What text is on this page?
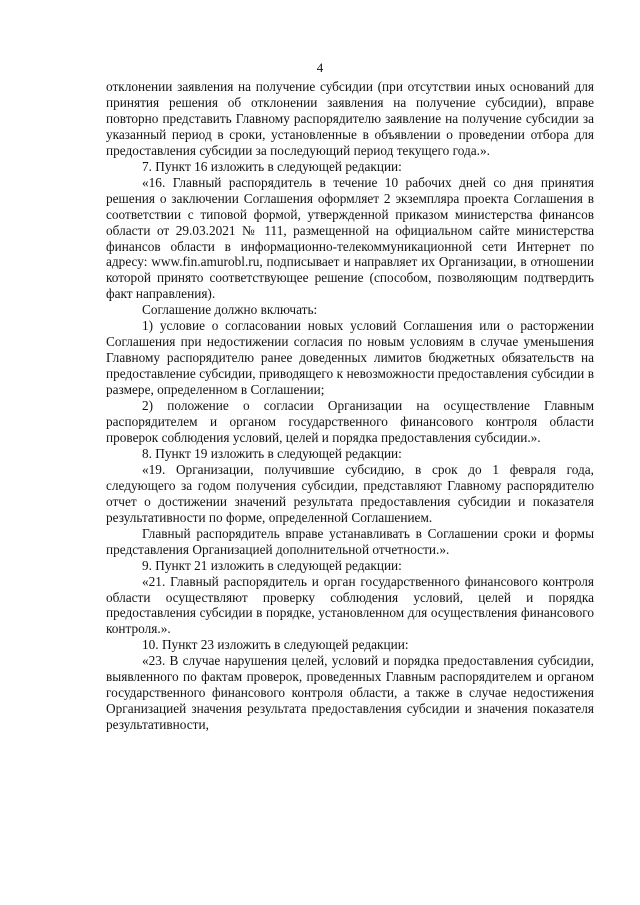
4

отклонении заявления на получение субсидии (при отсутствии иных оснований для принятия решения об отклонении заявления на получение субсидии), вправе повторно представить Главному распорядителю заявление на получение субсидии за указанный период в сроки, установленные в объявлении о проведении отбора для предоставления субсидии за последующий период текущего года.».

7. Пункт 16 изложить в следующей редакции:

«16. Главный распорядитель в течение 10 рабочих дней со дня принятия решения о заключении Соглашения оформляет 2 экземпляра проекта Соглашения в соответствии с типовой формой, утвержденной приказом министерства финансов области от 29.03.2021 № 111, размещенной на официальном сайте министерства финансов области в информационно-телекоммуникационной сети Интернет по адресу: www.fin.amurobl.ru, подписывает и направляет их Организации, в отношении которой принято соответствующее решение (способом, позволяющим подтвердить факт направления).

Соглашение должно включать:

1) условие о согласовании новых условий Соглашения или о расторжении Соглашения при недостижении согласия по новым условиям в случае уменьшения Главному распорядителю ранее доведенных лимитов бюджетных обязательств на предоставление субсидии, приводящего к невозможности предоставления субсидии в размере, определенном в Соглашении;

2) положение о согласии Организации на осуществление Главным распорядителем и органом государственного финансового контроля области проверок соблюдения условий, целей и порядка предоставления субсидии.».

8. Пункт 19 изложить в следующей редакции:

«19. Организации, получившие субсидию, в срок до 1 февраля года, следующего за годом получения субсидии, представляют Главному распорядителю отчет о достижении значений результата предоставления субсидии и показателя результативности по форме, определенной Соглашением.

Главный распорядитель вправе устанавливать в Соглашении сроки и формы представления Организацией дополнительной отчетности.».

9. Пункт 21 изложить в следующей редакции:

«21. Главный распорядитель и орган государственного финансового контроля области осуществляют проверку соблюдения условий, целей и порядка предоставления субсидии в порядке, установленном для осуществления финансового контроля.».

10. Пункт 23 изложить в следующей редакции:

«23. В случае нарушения целей, условий и порядка предоставления субсидии, выявленного по фактам проверок, проведенных Главным распорядителем и органом государственного финансового контроля области, а также в случае недостижения Организацией значения результата предоставления субсидии и значения показателя результативности,
